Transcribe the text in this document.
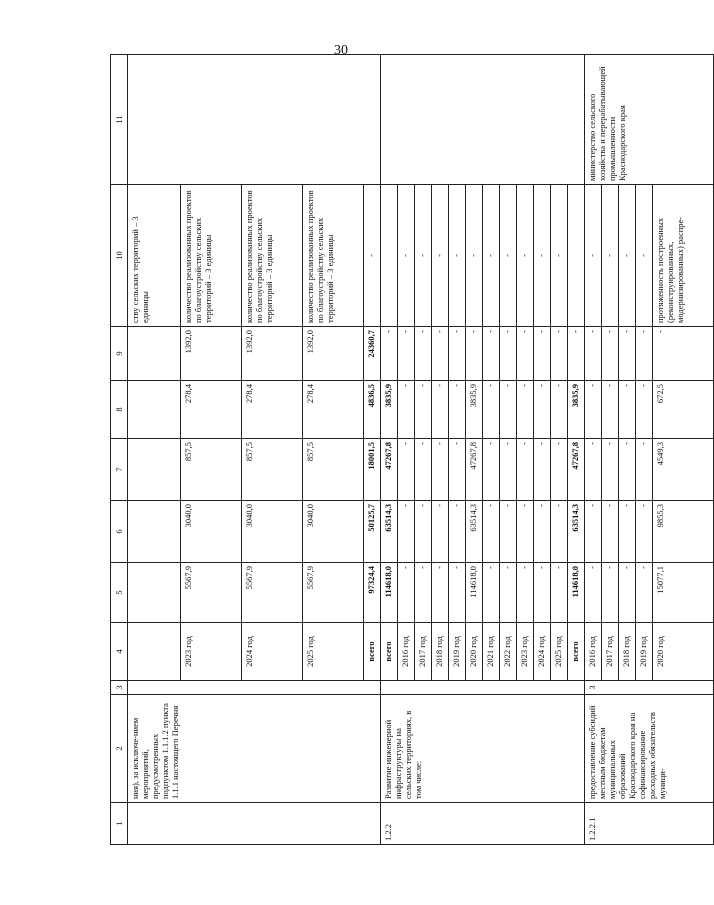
30
1	2	3	4	5	6	7	8	9	10	11
	ния), за исключе-нием мероприятий, предусмотренных подпунктом 1.1.1.2 пункта 1.1.1 настоящего Перечня								ству сельских территорий – 3 единицы	
			2023 год	5567,9	3040,0	857,5	278,4	1392,0	количество реализованных проектов по благоустройству сельских территорий – 3 единицы	
			2024 год	5567,9	3040,0	857,5	278,4	1392,0	количество реализованных проектов по благоустройству сельских территорий – 3 единицы	
			2025 год	5567,9	3040,0	857,5	278,4	1392,0	количество реализованных проектов по благоустройству сельских территорий – 3 единицы	
			всего	97324,4	50125,7	18001,5	4836,5	24360,7	-	
1.2.2	Развитие инженерной инфраструктуры на сельских территориях, в том числе:		всего	114618,0	63514,3	47267,8	3835,9	-		
			2016 год	-	-	-	-	-	-	
			2017 год	-	-	-	-	-	-	
			2018 год	-	-	-	-	-	-	
			2019 год	-	-	-	-	-	-	
			2020 год	114618,0	63514,3	47267,8	3835,9	-	-	
			2021 год	-	-	-	-	-	-	
			2022 год	-	-	-	-	-	-	
			2023 год	-	-	-	-	-	-	
			2024 год	-	-	-	-	-	-	
			2025 год	-	-	-	-	-	-	
			всего	114618,0	63514,3	47267,8	3835,9	-		
1.2.2.1	предоставление субсидий местным бюджетам муниципальных образований Краснодарского края на софинансирование расходных обязательств муници-	3	2016 год	-	-	-	-	-	-	министерство сельского хозяйства и перерабатывающей промышленности Краснодарского края
			2017 год	-	-	-	-	-	-	
			2018 год	-	-	-	-	-	-	
			2019 год	-	-	-	-	-	-	
			2020 год	15077,1	9855,3	4549,3	672,5	-	протяженность построенных (реконструированных, модернизированных) распре-	
